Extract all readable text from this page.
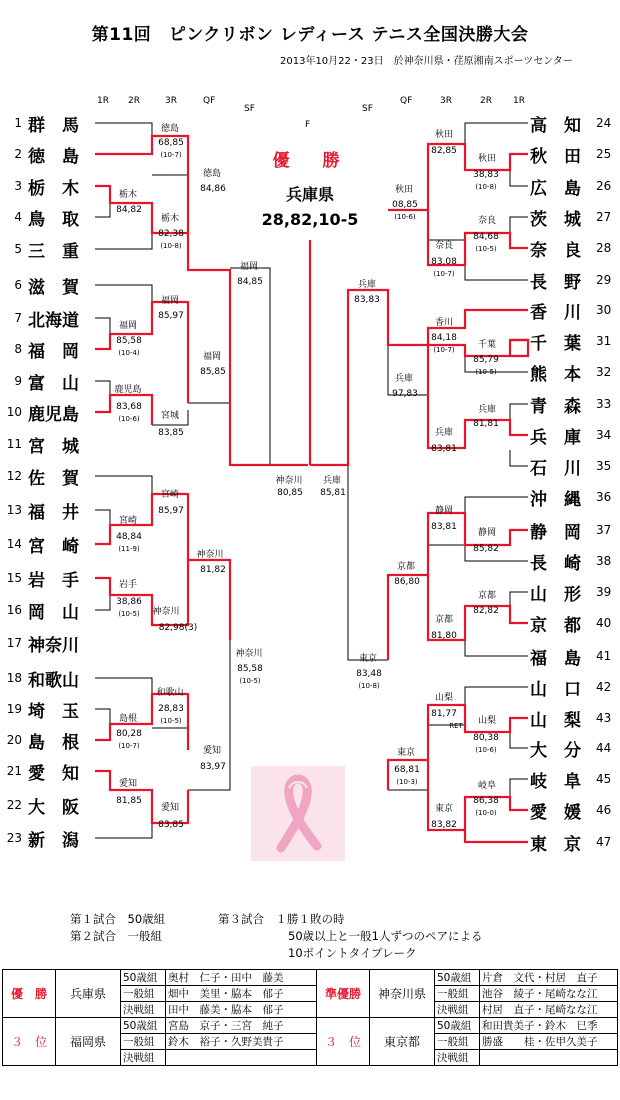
第11回　ピンクリボン レディース テニス全国決勝大会
2013年10月22・23日　於神奈川県・荏原湘南スポーツセンター
1R 2R	3R	QF
SF
F
SF
QF	3R	2R 1R
1 群　馬
2 徳　島
3 栃　木
4 鳥　取
5 三　重
6 滋　賀
7 北海道
8 福　岡
9 富　山
10 鹿児島
11 宮　城
12 佐　賀
13 福　井
14 宮　崎
15 岩　手
16 岡　山
17 神奈川
18 和歌山
19 埼　玉
20 島　根
21 愛　知
22 大　阪
23 新　潟
高　知 24
秋　田 25
広　島 26
茨　城 27
奈　良 28
長　野 29
香　川 30
千　葉 31
熊　本 32
青　森 33
兵　庫 34
石　川 35
沖　縄 36
静　岡 37
長　崎 38
山　形 39
京　都 40
福　島 41
山　口 42
山　梨 43
大　分 44
岐　阜 45
愛　媛 46
東　京 47
優　勝
兵庫県
28,82,10-5
徳島
68,85
(10-7)
栃木
84,82
栃木
82,38
(10-8)
徳島
84,86
福岡
85,58
(10-4)
福岡
85,97
鹿児島
83,68
(10-6)	宮城
83,85
福岡
85,85
福岡
84,85
宮崎
48,84
(11-9)
宮崎
85,97
岩手
38,86
(10-5)	神奈川
82,98(3)
神奈川
81,82
島根
80,28
(10-7)
和歌山
28,83
(10-5)
愛知
81,85
愛知
83,85
愛知
83,97
神奈川
85,58
(10-5)
神奈川
80,85
兵庫
85,81
秋田
38,83
(10-8)
秋田
82,85
奈良
84,68
(10-5)
奈良
83,08
(10-7)
秋田
08,85
(10-6)
千葉
85,79
(10-5)
香川
84,18
(10-7)
兵庫
81,81
兵庫
83,81
兵庫
97,83
兵庫
83,83
静岡
85,82
静岡
83,81
京都
82,82
京都
81,80
京都
86,80
山梨
80,38
(10-6)
山梨
81,77
RET
岐阜
86,38
(10-0)
東京
83,82
東京
68,81
(10-3)
東京
83,48
(10-8)
第１試合　50歳組
第２試合　一般組
第３試合　１勝１敗の時
50歳以上と一般1人ずつのペアによる
10ポイントタイブレーク
優　勝	兵庫県	50歳組	奥村　仁子・田中　藤美	準優勝	神奈川県	50歳組	片倉　文代・村居　直子
		一般組	畑中　美里・脇本　郁子			一般組	池谷　綾子・尾崎なな江
		決戦組	田中　藤美・脇本　郁子			決戦組	村居　直子・尾崎なな江
３　位	福岡県	50歳組	宮島　京子・三宮　純子	３　位	東京都	50歳組	和田貴美子・鈴木　巳季
		一般組	鈴木　裕子・久野美貴子			一般組	勝盛　　桂・佐甲久美子
		決戦組				決戦組	
